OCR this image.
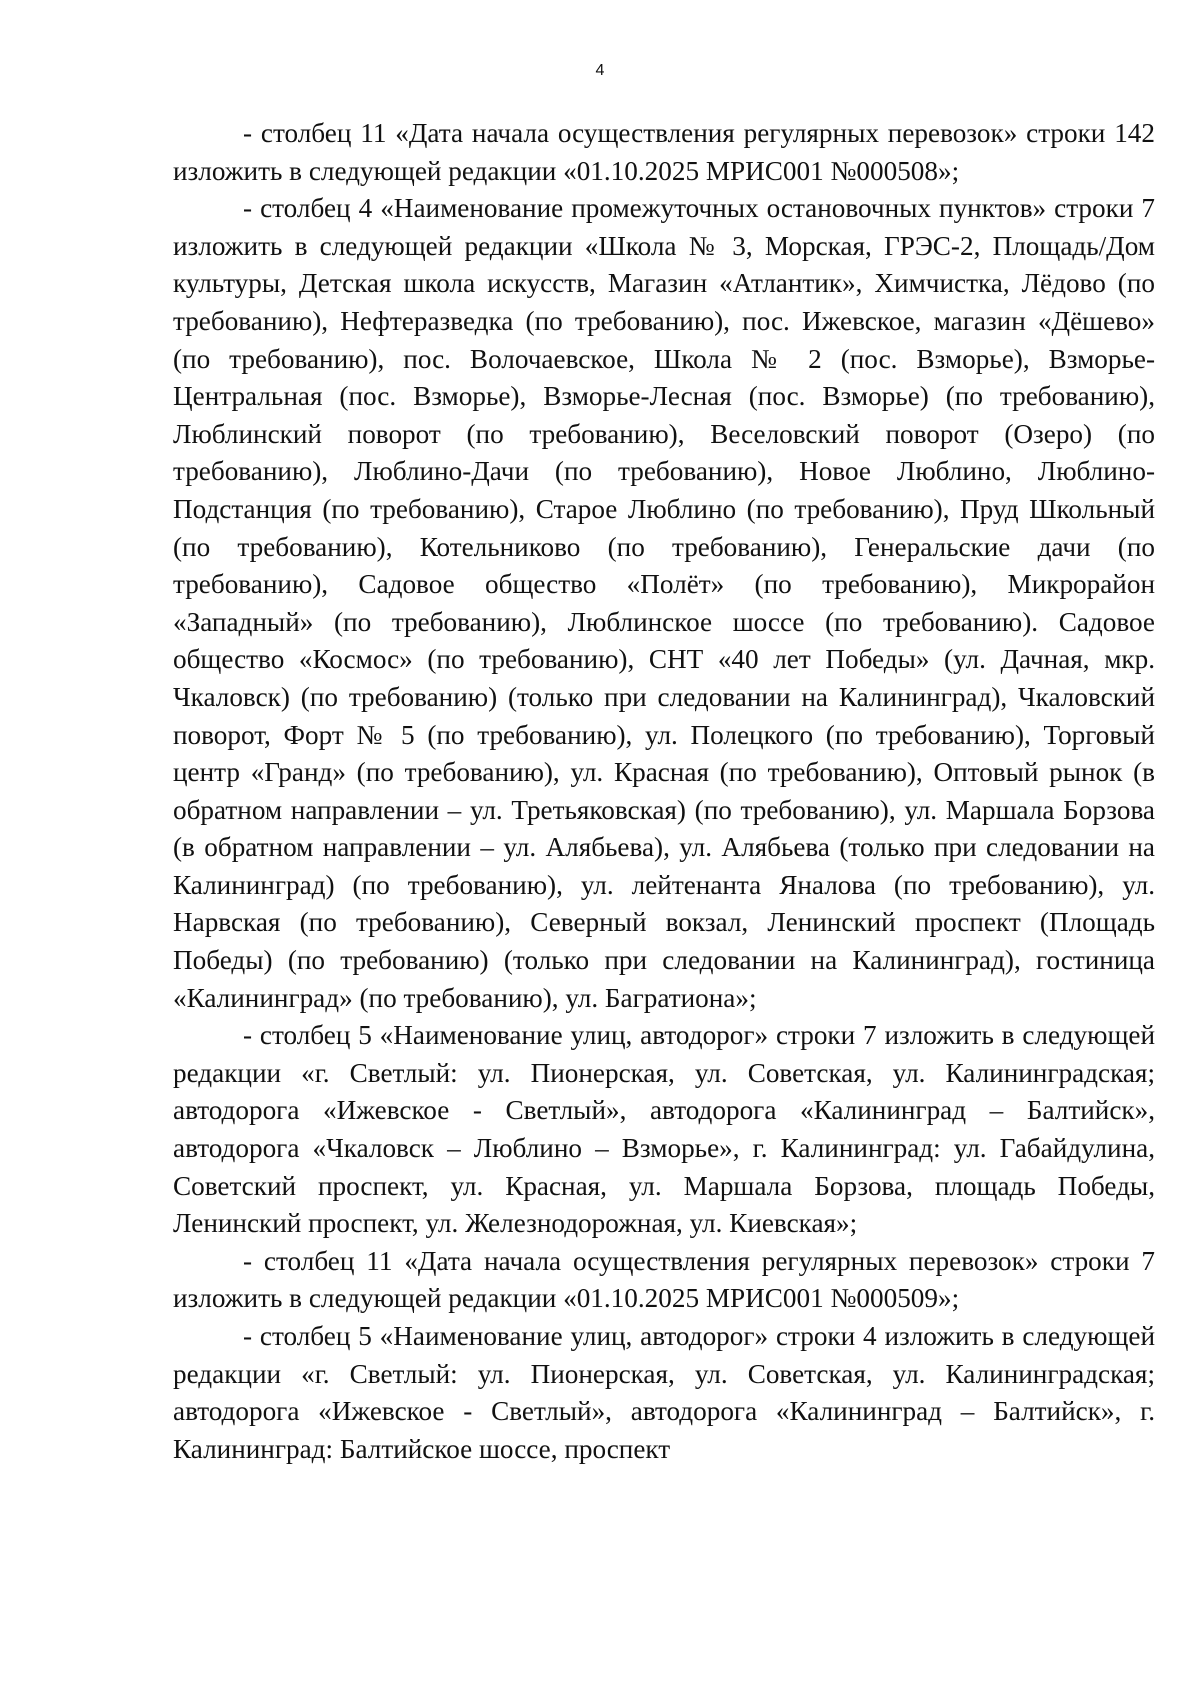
4

- столбец 11 «Дата начала осуществления регулярных перевозок» строки 142 изложить в следующей редакции «01.10.2025 МРИС001 №000508»;

- столбец 4 «Наименование промежуточных остановочных пунктов» строки 7 изложить в следующей редакции «Школа № 3, Морская, ГРЭС-2, Площадь/Дом культуры, Детская школа искусств, Магазин «Атлантик», Химчистка, Лёдово (по требованию), Нефтеразведка (по требованию), пос. Ижевское, магазин «Дёшево» (по требованию), пос. Волочаевское, Школа № 2 (пос. Взморье), Взморье-Центральная (пос. Взморье), Взморье-Лесная (пос. Взморье) (по требованию), Люблинский поворот (по требованию), Веселовский поворот (Озеро) (по требованию), Люблино-Дачи (по требованию), Новое Люблино, Люблино-Подстанция (по требованию), Старое Люблино (по требованию), Пруд Школьный (по требованию), Котельниково (по требованию), Генеральские дачи (по требованию), Садовое общество «Полёт» (по требованию), Микрорайон «Западный» (по требованию), Люблинское шоссе (по требованию). Садовое общество «Космос» (по требованию), СНТ «40 лет Победы» (ул. Дачная, мкр. Чкаловск) (по требованию) (только при следовании на Калининград), Чкаловский поворот, Форт № 5 (по требованию), ул. Полецкого (по требованию), Торговый центр «Гранд» (по требованию), ул. Красная (по требованию), Оптовый рынок (в обратном направлении – ул. Третьяковская) (по требованию), ул. Маршала Борзова (в обратном направлении – ул. Алябьева), ул. Алябьева (только при следовании на Калининград) (по требованию), ул. лейтенанта Яналова (по требованию), ул. Нарвская (по требованию), Северный вокзал, Ленинский проспект (Площадь Победы) (по требованию) (только при следовании на Калининград), гостиница «Калининград» (по требованию), ул. Багратиона»;

- столбец 5 «Наименование улиц, автодорог» строки 7 изложить в следующей редакции «г. Светлый: ул. Пионерская, ул. Советская, ул. Калининградская; автодорога «Ижевское - Светлый», автодорога «Калининград – Балтийск», автодорога «Чкаловск – Люблино – Взморье», г. Калининград: ул. Габайдулина, Советский проспект, ул. Красная, ул. Маршала Борзова, площадь Победы, Ленинский проспект, ул. Железнодорожная, ул. Киевская»;

- столбец 11 «Дата начала осуществления регулярных перевозок» строки 7 изложить в следующей редакции «01.10.2025 МРИС001 №000509»;

- столбец 5 «Наименование улиц, автодорог» строки 4 изложить в следующей редакции «г. Светлый: ул. Пионерская, ул. Советская, ул. Калининградская; автодорога «Ижевское - Светлый», автодорога «Калининград – Балтийск», г. Калининград: Балтийское шоссе, проспект
